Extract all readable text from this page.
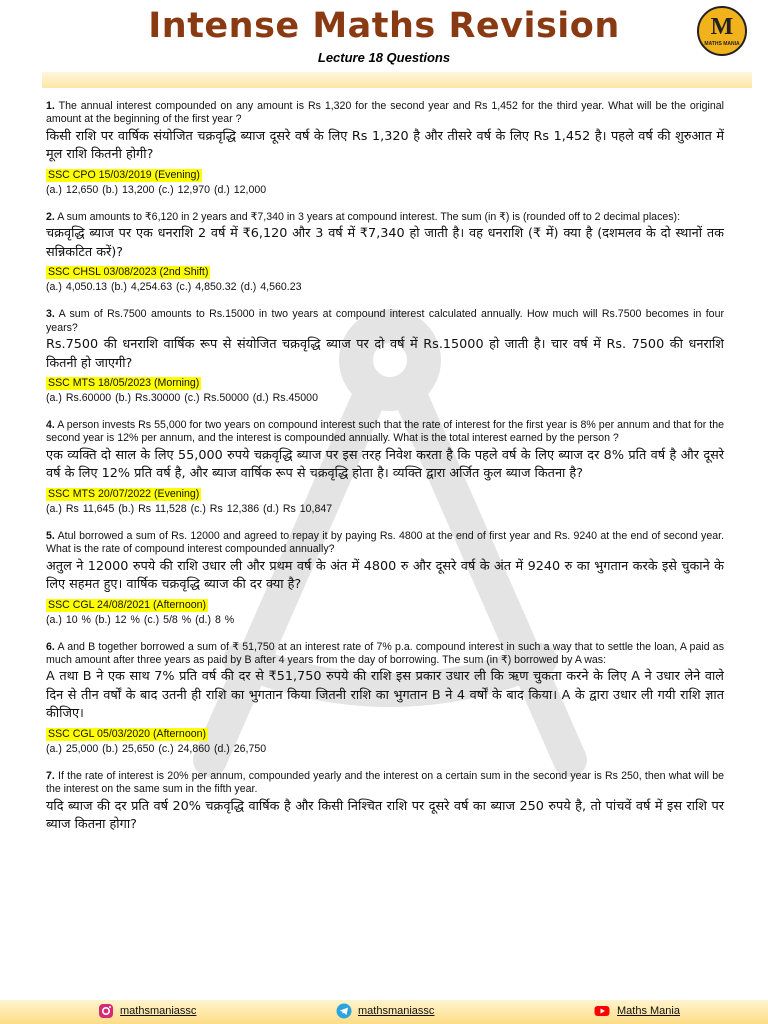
Intense Maths Revision
Lecture 18 Questions
M
MATHS MANIA
1. The annual interest compounded on any amount is Rs 1,320 for the second year and Rs 1,452 for the third year. What will be the original amount at the beginning of the first year ?
किसी राशि पर वार्षिक संयोजित चक्रवृद्धि ब्याज दूसरे वर्ष के लिए Rs 1,320 है और तीसरे वर्ष के लिए Rs 1,452 है। पहले वर्ष की शुरुआत में मूल राशि कितनी होगी?
SSC CPO 15/03/2019 (Evening)
(a.) 12,650 (b.) 13,200 (c.) 12,970 (d.) 12,000
2. A sum amounts to ₹6,120 in 2 years and ₹7,340 in 3 years at compound interest. The sum (in ₹) is (rounded off to 2 decimal places):
चक्रवृद्धि ब्याज पर एक धनराशि 2 वर्ष में ₹6,120 और 3 वर्ष में ₹7,340 हो जाती है। वह धनराशि (₹ में) क्या है (दशमलव के दो स्थानों तक सन्निकटित करें)?
SSC CHSL 03/08/2023 (2nd Shift)
(a.) 4,050.13 (b.) 4,254.63 (c.) 4,850.32 (d.) 4,560.23
3. A sum of Rs.7500 amounts to Rs.15000 in two years at compound interest calculated annually. How much will Rs.7500 becomes in four years?
Rs.7500 की धनराशि वार्षिक रूप से संयोजित चक्रवृद्धि ब्याज पर दो वर्ष में Rs.15000 हो जाती है। चार वर्ष में Rs. 7500 की धनराशि कितनी हो जाएगी?
SSC MTS 18/05/2023 (Morning)
(a.) Rs.60000 (b.) Rs.30000 (c.) Rs.50000 (d.) Rs.45000
4. A person invests Rs 55,000 for two years on compound interest such that the rate of interest for the first year is 8% per annum and that for the second year is 12% per annum, and the interest is compounded annually. What is the total interest earned by the person ?
एक व्यक्ति दो साल के लिए 55,000 रुपये चक्रवृद्धि ब्याज पर इस तरह निवेश करता है कि पहले वर्ष के लिए ब्याज दर 8% प्रति वर्ष है और दूसरे वर्ष के लिए 12% प्रति वर्ष है, और ब्याज वार्षिक रूप से चक्रवृद्धि होता है। व्यक्ति द्वारा अर्जित कुल ब्याज कितना है?
SSC MTS 20/07/2022 (Evening)
(a.) Rs 11,645 (b.) Rs 11,528 (c.) Rs 12,386 (d.) Rs 10,847
5. Atul borrowed a sum of Rs. 12000 and agreed to repay it by paying Rs. 4800 at the end of first year and Rs. 9240 at the end of second year. What is the rate of compound interest compounded annually?
अतुल ने 12000 रुपये की राशि उधार ली और प्रथम वर्ष के अंत में 4800 रु और दूसरे वर्ष के अंत में 9240 रु का भुगतान करके इसे चुकाने के लिए सहमत हुए। वार्षिक चक्रवृद्धि ब्याज की दर क्या है?
SSC CGL 24/08/2021 (Afternoon)
(a.) 10 % (b.) 12 % (c.) 5/8 % (d.) 8 %
6. A and B together borrowed a sum of ₹ 51,750 at an interest rate of 7% p.a. compound interest in such a way that to settle the loan, A paid as much amount after three years as paid by B after 4 years from the day of borrowing. The sum (in ₹) borrowed by A was:
A तथा B ने एक साथ 7% प्रति वर्ष की दर से ₹51,750 रुपये की राशि इस प्रकार उधार ली कि ऋण चुकता करने के लिए A ने उधार लेने वाले दिन से तीन वर्षों के बाद उतनी ही राशि का भुगतान किया जितनी राशि का भुगतान B ने 4 वर्षों के बाद किया। A के द्वारा उधार ली गयी राशि ज्ञात कीजिए।
SSC CGL 05/03/2020 (Afternoon)
(a.) 25,000 (b.) 25,650 (c.) 24,860 (d.) 26,750
7. If the rate of interest is 20% per annum, compounded yearly and the interest on a certain sum in the second year is Rs 250, then what will be the interest on the same sum in the fifth year.
यदि ब्याज की दर प्रति वर्ष 20% चक्रवृद्धि वार्षिक है और किसी निश्चित राशि पर दूसरे वर्ष का ब्याज 250 रुपये है, तो पांचवें वर्ष में इस राशि पर ब्याज कितना होगा?
mathsmaniassc	mathsmaniassc	Maths Mania
